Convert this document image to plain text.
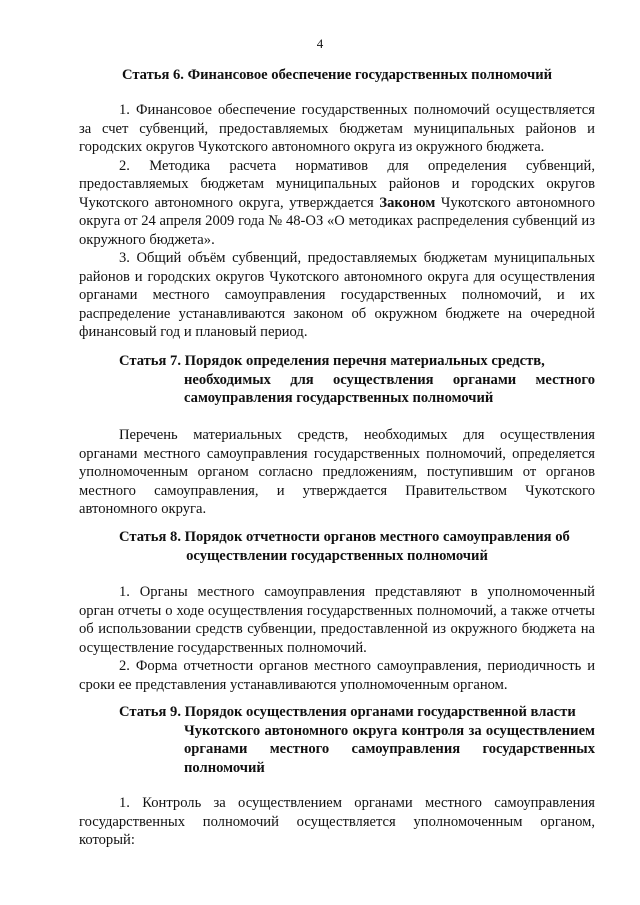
4
Статья 6. Финансовое обеспечение государственных полномочий

1. Финансовое обеспечение государственных полномочий осуществляется за счет субвенций, предоставляемых бюджетам муниципальных районов и городских округов Чукотского автономного округа из окружного бюджета.

2. Методика расчета нормативов для определения субвенций, предоставляемых бюджетам муниципальных районов и городских округов Чукотского автономного округа, утверждается Законом Чукотского автономного округа от 24 апреля 2009 года № 48-ОЗ «О методиках распределения субвенций из окружного бюджета».

3. Общий объём субвенций, предоставляемых бюджетам муниципальных районов и городских округов Чукотского автономного округа для осуществления органами местного самоуправления государственных полномочий, и их распределение устанавливаются законом об окружном бюджете на очередной финансовый год и плановый период.

Статья 7. Порядок определения перечня материальных средств,
необходимых для осуществления органами местного самоуправления государственных полномочий

Перечень материальных средств, необходимых для осуществления органами местного самоуправления государственных полномочий, определяется уполномоченным органом согласно предложениям, поступившим от органов местного самоуправления, и утверждается Правительством Чукотского автономного округа.

Статья 8. Порядок отчетности органов местного самоуправления об
осуществлении государственных полномочий

1. Органы местного самоуправления представляют в уполномоченный орган отчеты о ходе осуществления государственных полномочий, а также отчеты об использовании средств субвенции, предоставленной из окружного бюджета на осуществление государственных полномочий.

2. Форма отчетности органов местного самоуправления, периодичность и сроки ее представления устанавливаются уполномоченным органом.

Статья 9. Порядок осуществления органами государственной власти
Чукотского автономного округа контроля за осуществлением органами местного самоуправления государственных полномочий

1. Контроль за осуществлением органами местного самоуправления государственных полномочий осуществляется уполномоченным органом, который:
